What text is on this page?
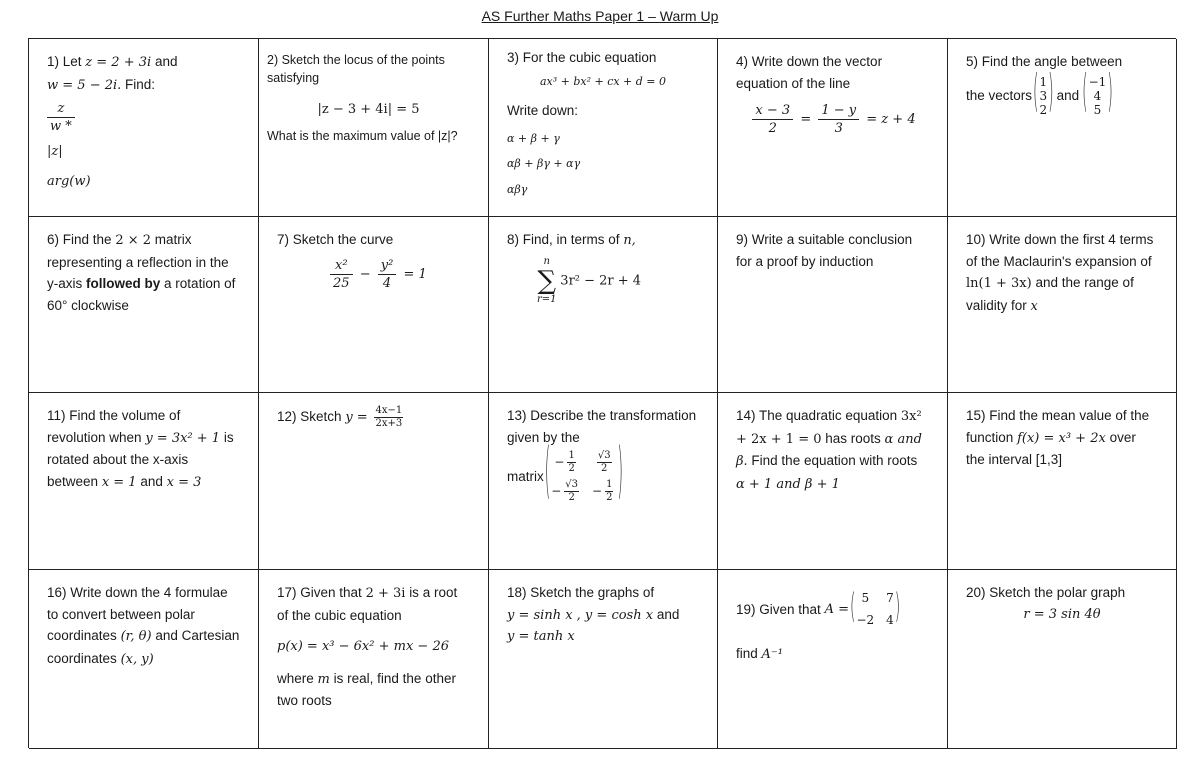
AS Further Maths Paper 1 – Warm Up
1) Let z = 2 + 3i and
w = 5 − 2i. Find:
$\frac{z}{w *}$
|z|
arg(w)
2) Sketch the locus of the points satisfying
|z − 3 + 4i| = 5
What is the maximum value of |z|?
3) For the cubic equation
ax³ + bx² + cx + d = 0
Write down:
α + β + γ
αβ + βγ + αγ
αβγ
4) Write down the vector equation of the line
$\frac{x - 3}{2} = \frac{1 - y}{3} = z + 4$
5) Find the angle between
the vectors ( 1
3
2 ) and ( −1
4
5 )
6) Find the 2 × 2 matrix representing a reflection in the y-axis followed by a rotation of 60° clockwise
7) Sketch the curve
$\frac{\text{x²}}{25} - \frac{\text{y²}}{4} = 1$
8) Find, in terms of n,
n
∑
r=1
3r² − 2r + 4
9) Write a suitable conclusion for a proof by induction
10) Write down the first 4 terms of the Maclaurin's expansion of ln(1 + 3x) and the range of validity for x
11) Find the volume of revolution when y = 3x² + 1 is rotated about the x-axis between x = 1 and x = 3
12) Sketch $y = \frac{4x-1}{2x+3}$	13) Describe the transformation given by the
matrix ( − $\frac{1}{2} \frac{√3}{2}$
− $\frac{√3}{2} - \frac{1}{2}$ )
14) The quadratic equation 3x² + 2x + 1 = 0 has roots α and β. Find the equation with roots α + 1 and β + 1
15) Find the mean value of the function f(x) = x³ + 2x over the interval [1,3]
16) Write down the 4 formulae to convert between polar coordinates (r, θ) and Cartesian coordinates (x, y)
17) Given that 2 + 3i is a root of the cubic equation
p(x) = x³ − 6x² + mx − 26
where m is real, find the other two roots
18) Sketch the graphs of
y = sinh x , y = cosh x and
y = tanh x
19) Given that
A = ( 5 7
−2 4 )
find A⁻¹
20) Sketch the polar graph
r = 3 sin 4θ
